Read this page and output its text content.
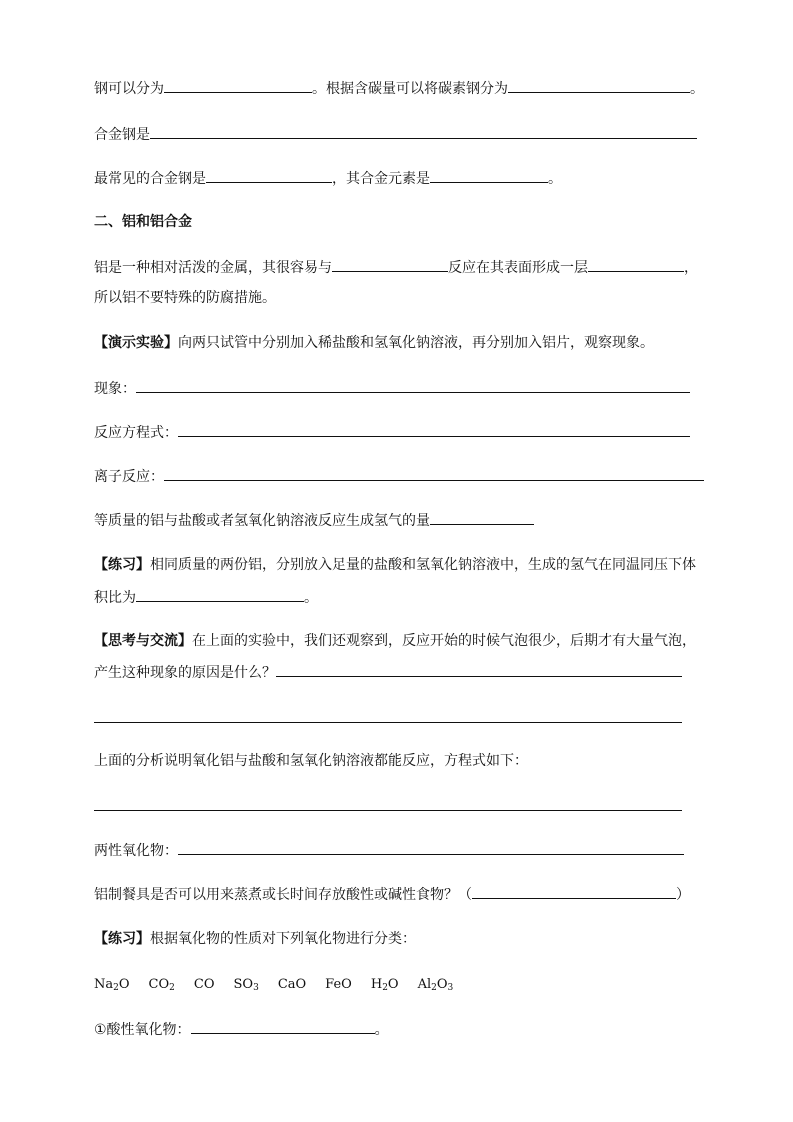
钢可以分为	。根据含碳量可以将碳素钢分为	。
合金钢是
最常见的合金钢是	，其合金元素是	。
二、铝和铝合金
铝是一种相对活泼的金属，其很容易与	反应在其表面形成一层	，
所以铝不要特殊的防腐措施。
【演示实验】向两只试管中分别加入稀盐酸和氢氧化钠溶液，再分别加入铝片，观察现象。
现象：
反应方程式：
离子反应：
等质量的铝与盐酸或者氢氧化钠溶液反应生成氢气的量
【练习】相同质量的两份铝，分别放入足量的盐酸和氢氧化钠溶液中，生成的氢气在同温同压下体
积比为	。
【思考与交流】在上面的实验中，我们还观察到，反应开始的时候气泡很少，后期才有大量气泡，
产生这种现象的原因是什么？
上面的分析说明氧化铝与盐酸和氢氧化钠溶液都能反应，方程式如下：
两性氧化物：
铝制餐具是否可以用来蒸煮或长时间存放酸性或碱性食物？（	）
【练习】根据氧化物的性质对下列氧化物进行分类：
$Na_2O$ $CO_2$ CO $SO_3$ CaO FeO $H_2O$ $Al_2O_3$
①酸性氧化物：	。
